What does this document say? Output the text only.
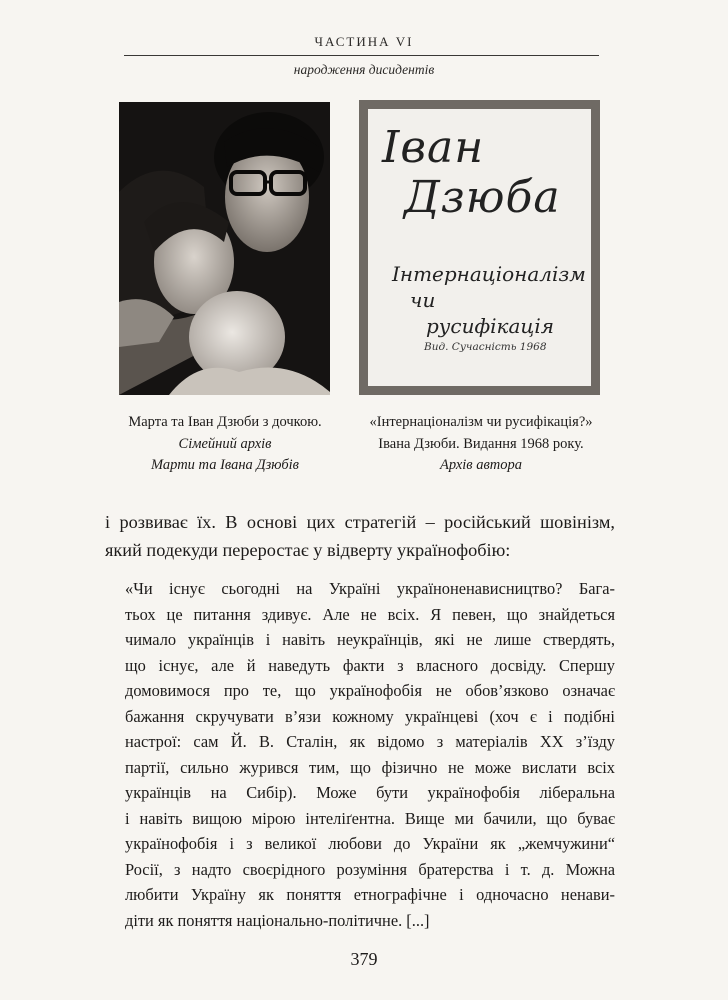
ЧАСТИНА VI
народження дисидентів
Іван
Дзюба
Інтернаціоналізм
чи
русифікація
Вид. Сучасність 1968
Марта та Іван Дзюби з дочкою.
Сімейний архів
Марти та Івана Дзюбів
«Інтернаціоналізм чи русифікація?»
Івана Дзюби. Видання 1968 року.
Архів автора
і розвиває їх. В основі цих стратегій – російський шовінізм,
який подекуди переростає у відверту українофобію:
«Чи існує сьогодні на Україні українoненависництво? Бага-
тьох це питання здивує. Але не всіх. Я певен, що знайдеться
чимало українців і навіть неукраїнців, які не лише ствердять,
що існує, але й наведуть факти з власного досвіду. Спершу
домовимося про те, що українофобія не обов’язково означає
бажання скручувати в’язи кожному українцеві (хоч є і подібні
настрої: сам Й. В. Сталін, як відомо з матеріалів XX з’їзду
партії, сильно журився тим, що фізично не може вислати всіх
українців на Сибір). Може бути українофобія ліберальна
і навіть вищою мірою інтеліґентна. Вище ми бачили, що буває
українофобія і з великої любови до України як „жемчужини“
Росії, з надто своєрідного розуміння братерства і т. д. Можна
любити Україну як поняття етнографічне і одночасно ненави-
діти як поняття національно-політичне. [...]
379
